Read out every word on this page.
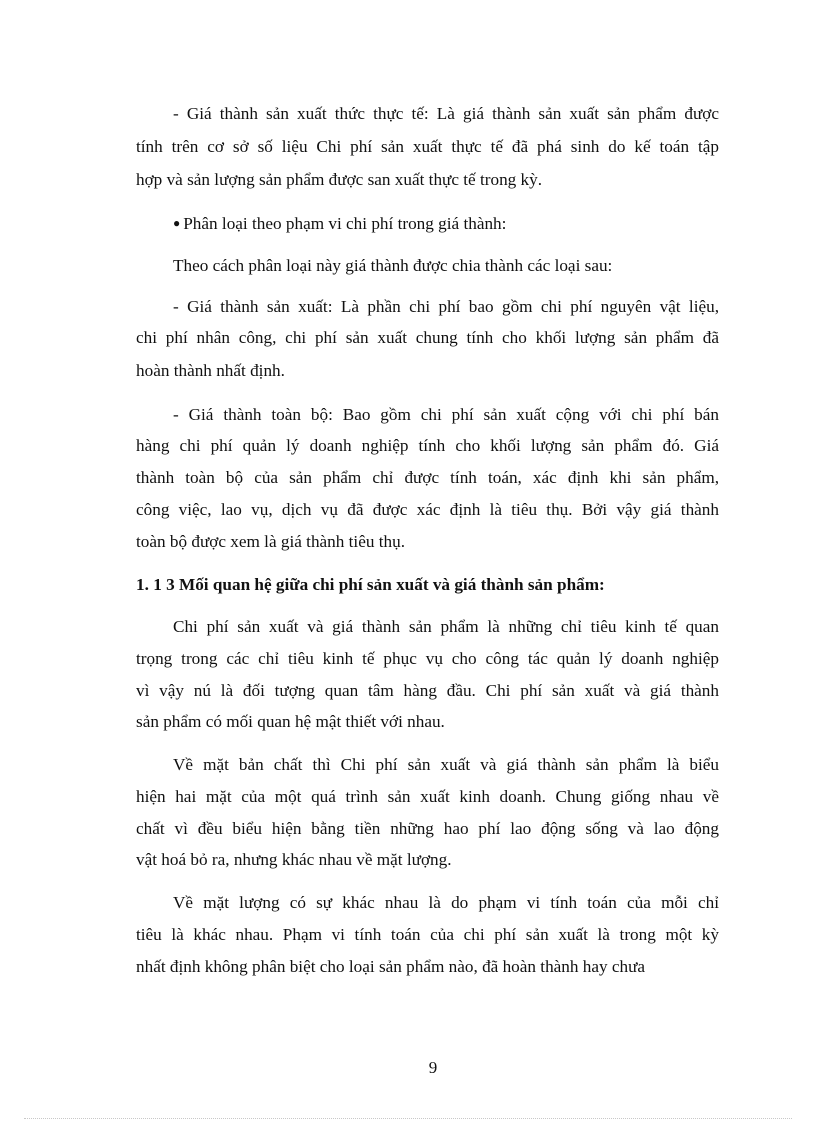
- Giá thành sản xuất thức thực tế: Là giá thành sản xuất sản phẩm được
tính trên cơ sở số liệu Chi phí sản xuất thực tế đã phá sinh do kế toán tập
hợp và sản lượng sản phẩm được san xuất thực tế trong kỳ.
● Phân loại theo phạm vi chi phí trong giá thành:
Theo cách phân loại này giá thành được chia thành các loại sau:
- Giá thành sản xuất: Là phần chi phí bao gồm chi phí nguyên vật liệu,
chi phí nhân công, chi phí sản xuất chung tính cho khối lượng sản phẩm đã
hoàn thành nhất định.
- Giá thành toàn bộ: Bao gồm chi phí sản xuất cộng với chi phí bán
hàng chi phí quản lý doanh nghiệp tính cho khối lượng sản phẩm đó. Giá
thành toàn bộ của sản phẩm chỉ được tính toán, xác định khi sản phẩm,
công việc, lao vụ, dịch vụ đã được xác định là tiêu thụ. Bởi vậy giá thành
toàn bộ được xem là giá thành tiêu thụ.
1. 1 3 Mối quan hệ giữa chi phí sản xuất và giá thành sản phẩm:
Chi phí sản xuất và giá thành sản phẩm là những chỉ tiêu kinh tế quan
trọng trong các chỉ tiêu kinh tế phục vụ cho công tác quản lý doanh nghiệp
vì vậy nú là đối tượng quan tâm hàng đầu. Chi phí sản xuất và giá thành
sản phẩm có mối quan hệ mật thiết với nhau.
Về mặt bản chất thì Chi phí sản xuất và giá thành sản phẩm là biểu
hiện hai mặt của một quá trình sản xuất kinh doanh. Chung giống nhau về
chất vì đều biểu hiện bằng tiền những hao phí lao động sống và lao động
vật hoá bỏ ra, nhưng khác nhau về mặt lượng.
Về mặt lượng có sự khác nhau là do phạm vi tính toán của mỗi chỉ
tiêu là khác nhau. Phạm vi tính toán của chi phí sản xuất là trong một kỳ
nhất định không phân biệt cho loại sản phẩm nào, đã hoàn thành hay chưa
9
